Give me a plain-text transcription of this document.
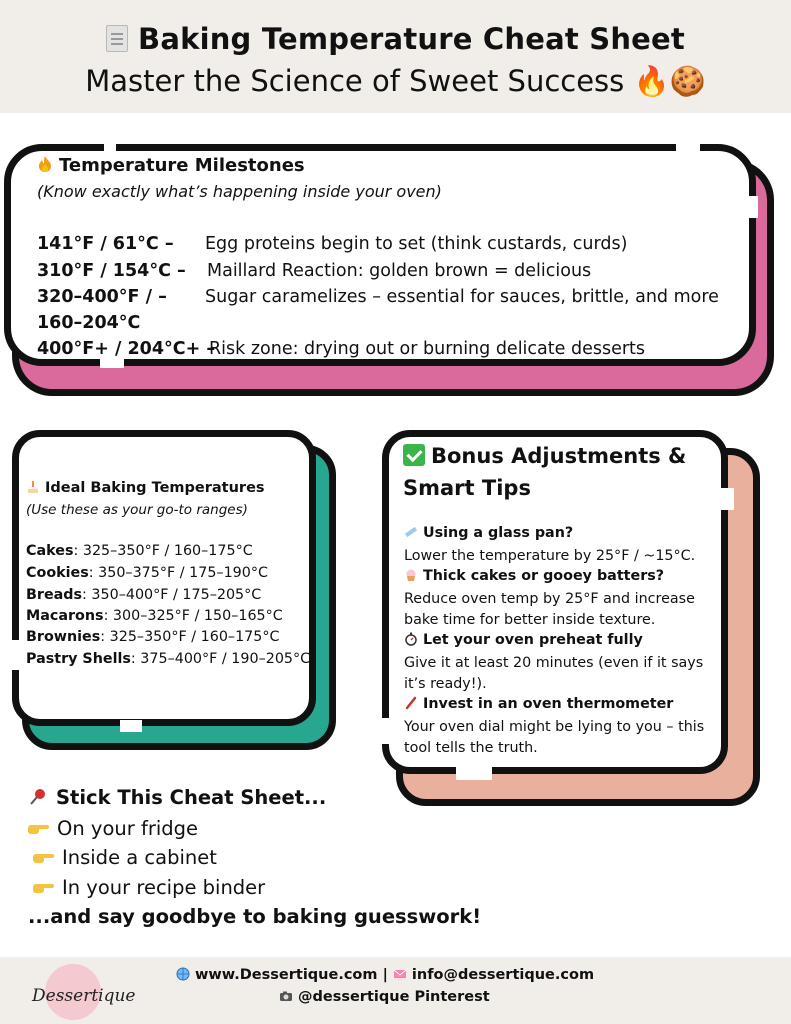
Baking Temperature Cheat Sheet
Master the Science of Sweet Success 🔥🍪
Temperature Milestones
(Know exactly what’s happening inside your oven)
141°F / 61°C – Egg proteins begin to set (think custards, curds)
310°F / 154°C – Maillard Reaction: golden brown = delicious
320–400°F / – Sugar caramelizes – essential for sauces, brittle, and more
160–204°C
400°F+ / 204°C+ –
Risk zone: drying out or burning delicate desserts
Ideal Baking Temperatures
(Use these as your go-to ranges)
Cakes: 325–350°F / 160–175°C
Cookies: 350–375°F / 175–190°C
Breads: 350–400°F / 175–205°C
Macarons: 300–325°F / 150–165°C
Brownies: 325–350°F / 160–175°C
Pastry Shells: 375–400°F / 190–205°C
Bonus Adjustments & Smart Tips
Using a glass pan?
Lower the temperature by 25°F / ~15°C.
Thick cakes or gooey batters?
Reduce oven temp by 25°F and increase bake time for better inside texture.
Let your oven preheat fully
Give it at least 20 minutes (even if it says it’s ready!).
Invest in an oven thermometer
Your oven dial might be lying to you – this tool tells the truth.
Stick This Cheat Sheet...
On your fridge
Inside a cabinet
In your recipe binder
...and say goodbye to baking guesswork!
Dessertique
www.Dessertique.com | info@dessertique.com
@dessertique Pinterest
